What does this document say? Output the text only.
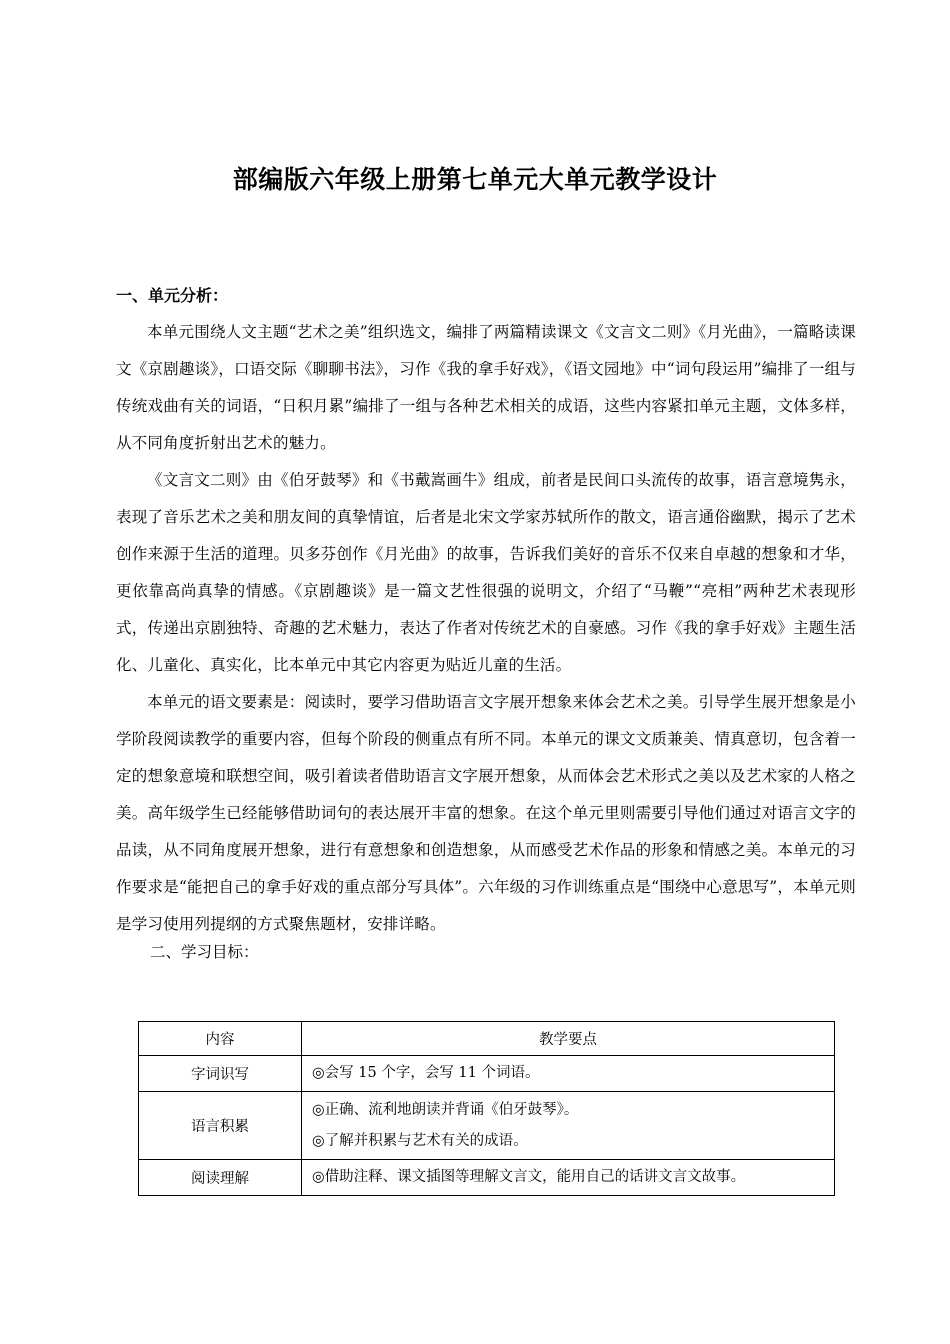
部编版六年级上册第七单元大单元教学设计
一、单元分析：

本单元围绕人文主题“艺术之美”组织选文，编排了两篇精读课文《文言文二则》《月光曲》，一篇略读课文《京剧趣谈》，口语交际《聊聊书法》，习作《我的拿手好戏》，《语文园地》中“词句段运用”编排了一组与传统戏曲有关的词语，“日积月累”编排了一组与各种艺术相关的成语，这些内容紧扣单元主题，文体多样，从不同角度折射出艺术的魅力。

《文言文二则》由《伯牙鼓琴》和《书戴嵩画牛》组成，前者是民间口头流传的故事，语言意境隽永，表现了音乐艺术之美和朋友间的真挚情谊，后者是北宋文学家苏轼所作的散文，语言通俗幽默，揭示了艺术创作来源于生活的道理。贝多芬创作《月光曲》的故事，告诉我们美好的音乐不仅来自卓越的想象和才华，更依靠高尚真挚的情感。《京剧趣谈》是一篇文艺性很强的说明文，介绍了“马鞭”“亮相”两种艺术表现形式，传递出京剧独特、奇趣的艺术魅力，表达了作者对传统艺术的自豪感。习作《我的拿手好戏》主题生活化、儿童化、真实化，比本单元中其它内容更为贴近儿童的生活。

本单元的语文要素是：阅读时，要学习借助语言文字展开想象来体会艺术之美。引导学生展开想象是小学阶段阅读教学的重要内容，但每个阶段的侧重点有所不同。本单元的课文文质兼美、情真意切，包含着一定的想象意境和联想空间，吸引着读者借助语言文字展开想象，从而体会艺术形式之美以及艺术家的人格之美。高年级学生已经能够借助词句的表达展开丰富的想象。在这个单元里则需要引导他们通过对语言文字的品读，从不同角度展开想象，进行有意想象和创造想象，从而感受艺术作品的形象和情感之美。本单元的习作要求是“能把自己的拿手好戏的重点部分写具体”。六年级的习作训练重点是“围绕中心意思写”，本单元则是学习使用列提纲的方式聚焦题材，安排详略。

二、学习目标：
内容	教学要点
字词识写	◎会写 15 个字，会写 11 个词语。

语言积累	◎正确、流利地朗读并背诵《伯牙鼓琴》。
◎了解并积累与艺术有关的成语。

阅读理解	◎借助注释、课文插图等理解文言文，能用自己的话讲文言文故事。
